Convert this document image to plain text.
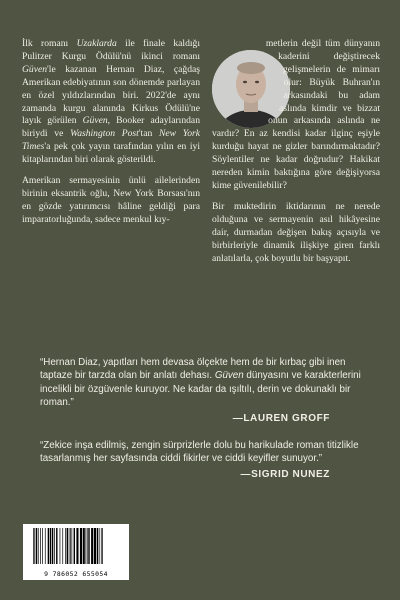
İlk romanı Uzaklarda ile finale kaldığı Pulitzer Kurgu Ödülü'nü ikinci romanı Güven'le kazanan Hernan Diaz, çağdaş Amerikan edebiyatının son dönemde parlayan en özel yıldızlarından biri. 2022'de aynı zamanda kurgu alanında Kirkus Ödülü'ne layık görülen Güven, Booker adaylarından biriydi ve Washington Post'tan New York Times'a pek çok yayın tarafından yılın en iyi kitaplarından biri olarak gösterildi.

Amerikan sermayesinin ünlü ailelerinden birinin eksantrik oğlu, New York Borsası'nın en gözde yatırımcısı hâline geldiği para imparatorluğunda, sadece menkul kıy-

metlerin değil tüm dünyanın kaderini değiştirecek gelişmelerin de mimarı olur: Büyük Buhran'ın arkasındaki bu adam aslında kimdir ve bizzat onun arkasında aslında ne vardır? En az kendisi kadar ilginç eşiyle kurduğu hayat ne gizler barındırmaktadır? Söylentiler ne kadar doğrudur? Hakikat nereden kimin baktığına göre değişiyorsa kime güvenilebilir?

Bir muktedirin iktidarının ne nerede olduğuna ve sermayenin asıl hikâyesine dair, durmadan değişen bakış açısıyla ve birbirleriyle dinamik ilişkiye giren farklı anlatılarla, çok boyutlu bir başyapıt.

“Hernan Diaz, yapıtları hem devasa ölçekte hem de bir kırbaç gibi inen taptaze bir tarzda olan bir anlatı dehası. Güven dünyasını ve karakterlerini incelikli bir özgüvenle kuruyor. Ne kadar da ışıltılı, derin ve dokunaklı bir roman.”

—LAUREN GROFF

“Zekice inşa edilmiş, zengin sürprizlerle dolu bu harikulade roman titizlikle tasarlanmış her sayfasında ciddi fikirler ve ciddi keyifler sunuyor.”

—SIGRID NUNEZ
9 786052 655054
